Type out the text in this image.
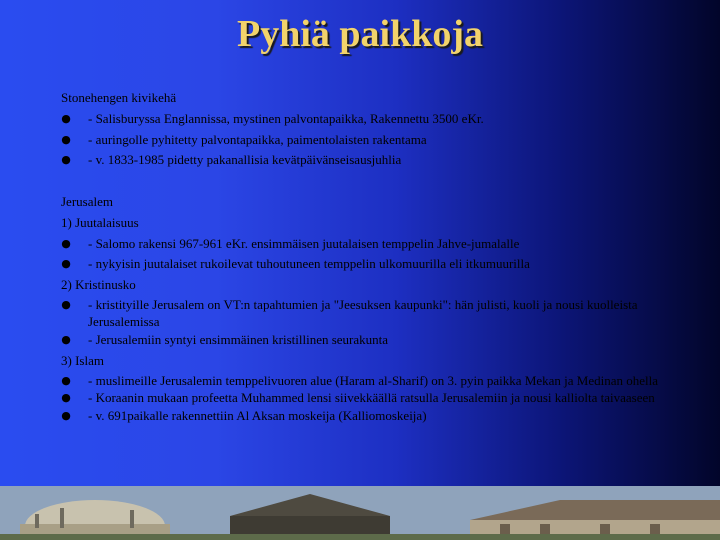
Pyhiä paikkoja
Stonehengen kivikehä
● - Salisburyssa Englannissa, mystinen palvontapaikka, Rakennettu 3500 eKr.
● - auringolle pyhitetty palvontapaikka, paimentolaisten rakentama
● - v. 1833-1985 pidetty pakanallisia kevätpäivänseisausjuhlia
Jerusalem
1) Juutalaisuus
● - Salomo rakensi 967-961 eKr. ensimmäisen juutalaisen temppelin Jahve-jumalalle
● - nykyisin juutalaiset rukoilevat tuhoutuneen temppelin ulkomuurilla eli itkumuurilla
2) Kristinusko
● - kristityille Jerusalem on VT:n tapahtumien ja "Jeesuksen kaupunki": hän julisti, kuoli ja nousi kuolleista Jerusalemissa
● - Jerusalemiin syntyi ensimmäinen kristillinen seurakunta
3) Islam
● - muslimeille Jerusalemin temppelivuoren alue (Haram al-Sharif) on 3. pyin paikka Mekan ja Medinan ohella
● - Koraanin mukaan profeetta Muhammed lensi siivekkäällä ratsulla Jerusalemiin ja nousi kalliolta taivaaseen
● - v. 691paikalle rakennettiin Al Aksan moskeija (Kalliomoskeija)
